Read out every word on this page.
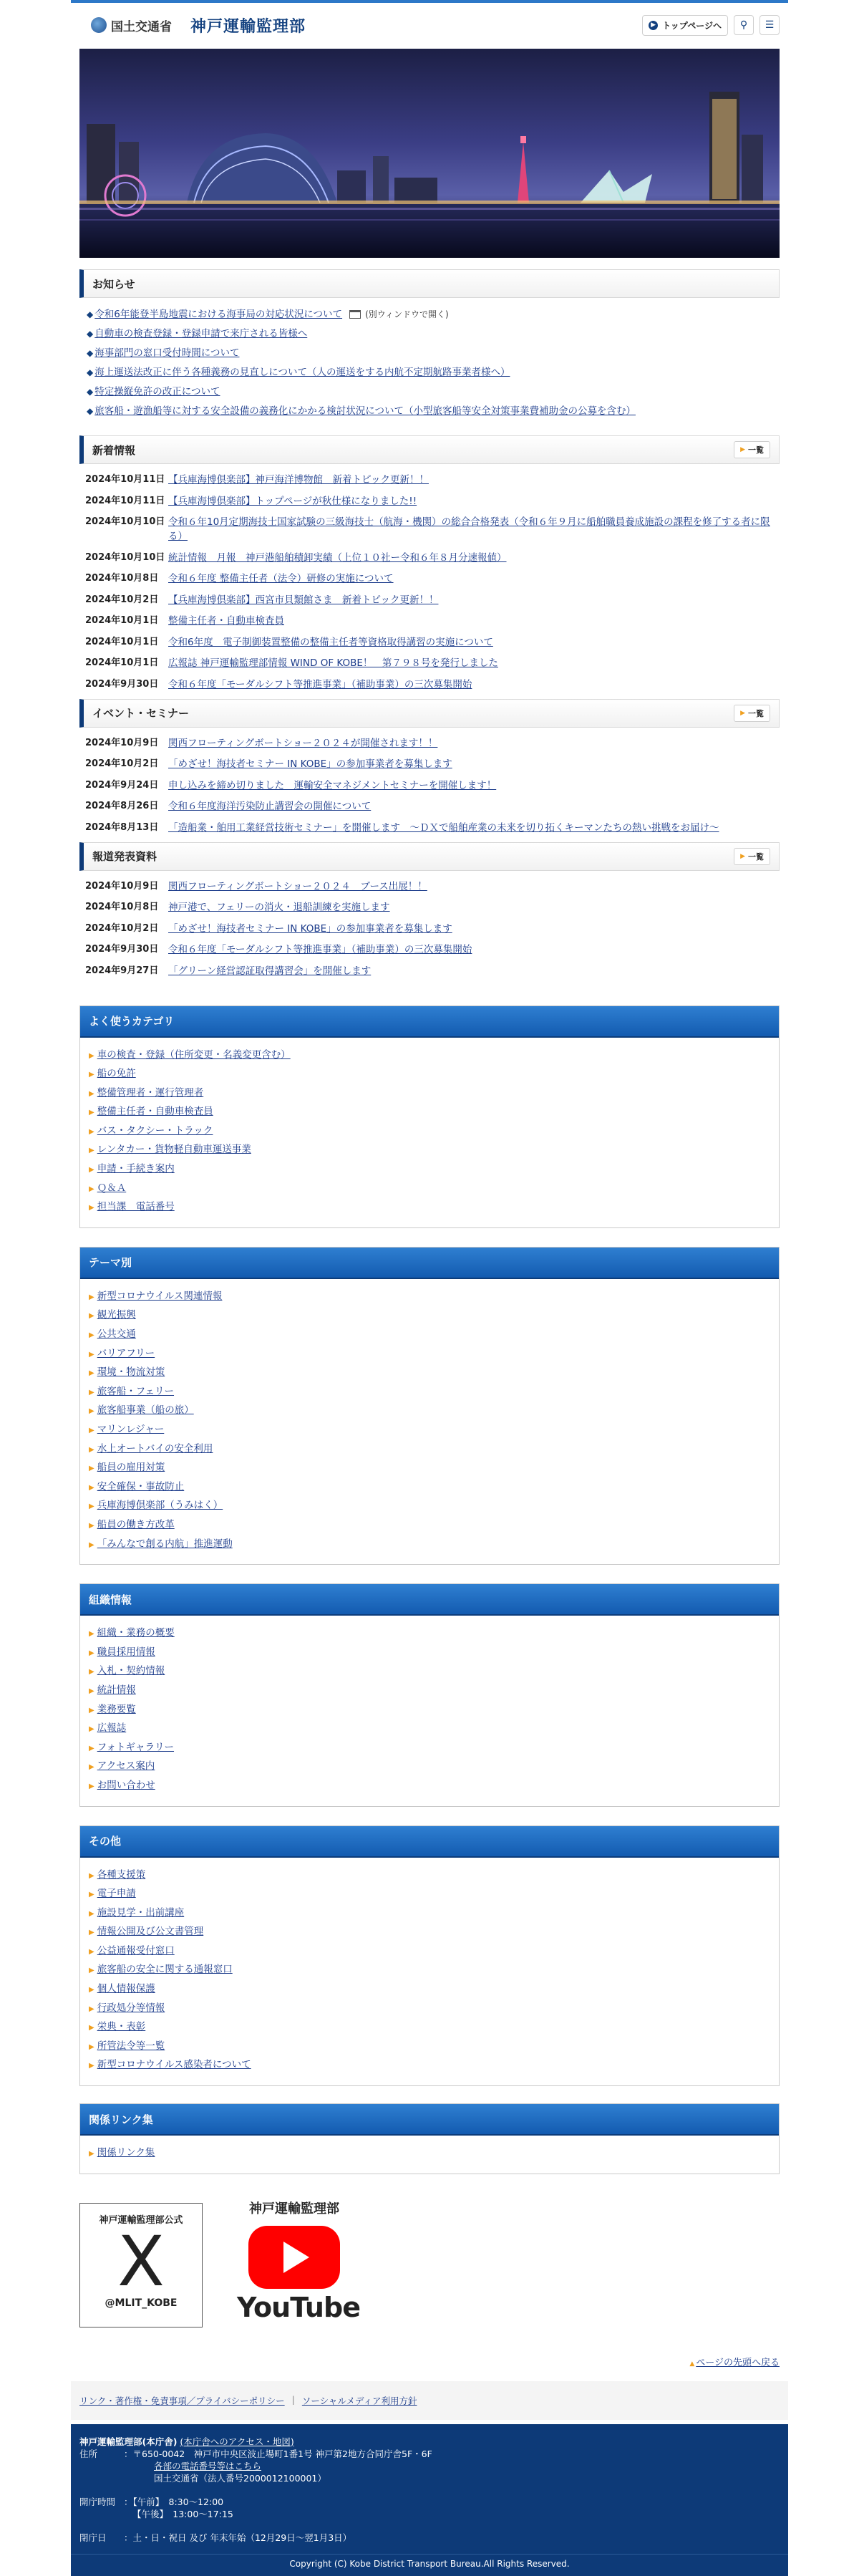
国土交通省 神戸運輸監理部	▶ トップページへ ⚲ ☰
お知らせ
◆ 令和6年能登半島地震における海事局の対応状況について	(別ウィンドウで開く)
◆ 自動車の検査登録・登録申請で来庁される皆様へ
◆ 海事部門の窓口受付時間について
◆ 海上運送法改正に伴う各種義務の見直しについて（人の運送をする内航不定期航路事業者様へ）
◆ 特定操縦免許の改正について
◆ 旅客船・遊漁船等に対する安全設備の義務化にかかる検討状況について（小型旅客船等安全対策事業費補助金の公募を含む）
新着情報	▶ 一覧
2024年10月11日 【兵庫海博倶楽部】神戸海洋博物館　新着トピック更新！！
2024年10月11日 【兵庫海博倶楽部】トップページが秋仕様になりました!!
2024年10月10日 令和６年10月定期海技士国家試験の三級海技士（航海・機関）の総合合格発表（令和６年９月に船舶職員養成施設の課程を修了する者に限る）
2024年10月10日 統計情報　月報　神戸港船舶積卸実績（上位１０社ー令和６年８月分速報値）
2024年10月8日	令和６年度 整備主任者（法令）研修の実施について
2024年10月2日	【兵庫海博倶楽部】西宮市貝類館さま　新着トピック更新！！
2024年10月1日	整備主任者・自動車検査員
2024年10月1日	令和6年度　電子制御装置整備の整備主任者等資格取得講習の実施について
2024年10月1日	広報誌 神戸運輸監理部情報 WIND OF KOBE！　第７９８号を発行しました
2024年9月30日	令和６年度「モーダルシフト等推進事業」（補助事業）の三次募集開始
イベント・セミナー	▶ 一覧
2024年10月9日	関西フローティングボートショー２０２４が開催されます！！
2024年10月2日	「めざせ！海技者セミナー IN KOBE」の参加事業者を募集します
2024年9月24日	申し込みを締め切りました　運輸安全マネジメントセミナーを開催します！
2024年8月26日	令和６年度海洋汚染防止講習会の開催について
2024年8月13日	「造船業・舶用工業経営技術セミナー」を開催します　～ＤＸで船舶産業の未来を切り拓くキーマンたちの熱い挑戦をお届け～
報道発表資料	▶ 一覧
2024年10月9日	関西フローティングボートショー２０２４　ブース出展！！
2024年10月8日	神戸港で、フェリーの消火・退船訓練を実施します
2024年10月2日	「めざせ！海技者セミナー IN KOBE」の参加事業者を募集します
2024年9月30日	令和６年度「モーダルシフト等推進事業」（補助事業）の三次募集開始
2024年9月27日	「グリーン経営認証取得講習会」を開催します
よく使うカテゴリ
▶ 車の検査・登録（住所変更・名義変更含む）
▶ 船の免許
▶ 整備管理者・運行管理者
▶ 整備主任者・自動車検査員
▶ バス・タクシー・トラック
▶ レンタカー・貨物軽自動車運送事業
▶ 申請・手続き案内
▶ Ｑ＆Ａ
▶ 担当課　電話番号
テーマ別
▶ 新型コロナウイルス関連情報
▶ 観光振興
▶ 公共交通
▶ バリアフリー
▶ 環境・物流対策
▶ 旅客船・フェリー
▶ 旅客船事業（船の旅）
▶ マリンレジャー
▶ 水上オートバイの安全利用
▶ 船員の雇用対策
▶ 安全確保・事故防止
▶ 兵庫海博倶楽部（うみはく）
▶ 船員の働き方改革
▶ 「みんなで創る内航」推進運動
組織情報
▶ 組織・業務の概要
▶ 職員採用情報
▶ 入札・契約情報
▶ 統計情報
▶ 業務要覧
▶ 広報誌
▶ フォトギャラリー
▶ アクセス案内
▶ お問い合わせ
その他
▶ 各種支援策
▶ 電子申請
▶ 施設見学・出前講座
▶ 情報公開及び公文書管理
▶ 公益通報受付窓口
▶ 旅客船の安全に関する通報窓口
▶ 個人情報保護
▶ 行政処分等情報
▶ 栄典・表彰
▶ 所管法令等一覧
▶ 新型コロナウイルス感染者について
関係リンク集
▶ 関係リンク集
神戸運輸監理部公式
X
@MLIT_KOBE
神戸運輸監理部
YouTube
▲ ページの先頭へ戻る
リンク・著作権・免責事項／プライバシーポリシー | ソーシャルメディア利用方針
神戸運輸監理部(本庁舎) (本庁舎へのアクセス・地図)
住所	：〒650-0042　神戸市中央区波止場町1番1号 神戸第2地方合同庁舎5F・6F
各部の電話番号等はこちら
国土交通省（法人番号2000012100001）
開庁時間 ：【午前】　8:30～12:00
【午後】　13:00～17:15
閉庁日	：土・日・祝日 及び 年末年始（12月29日～翌1月3日）
Copyright (C) Kobe District Transport Bureau.All Rights Reserved.
